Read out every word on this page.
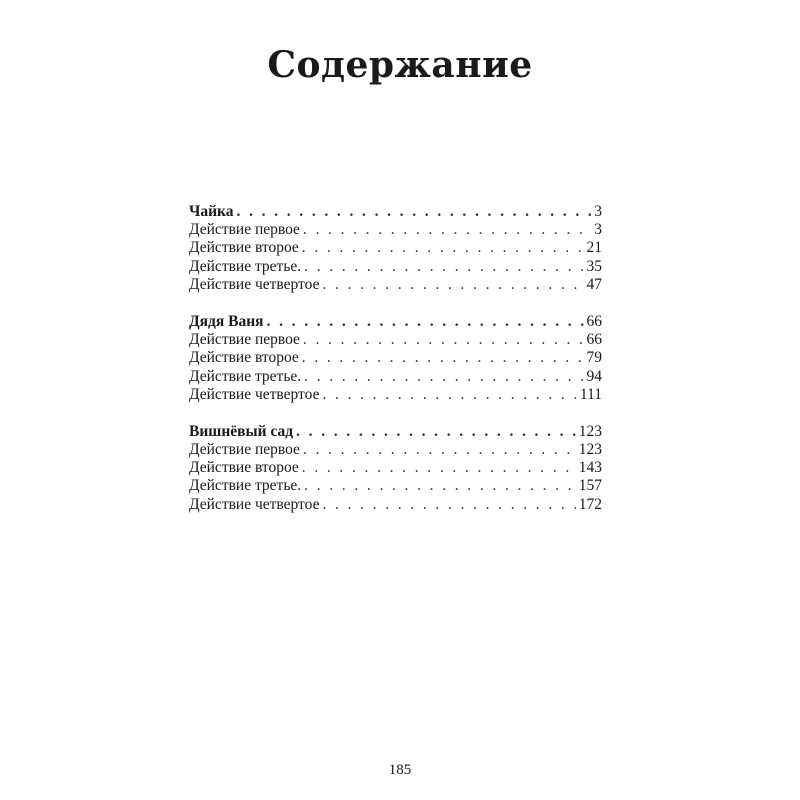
Содержание
Чайка . . .	3
Действие первое . . .	3
Действие второе . . .	21
Действие третье. . . .	35
Действие четвертое . . .	47
Дядя Ваня . . .	66
Действие первое . . .	66
Действие второе . . .	79
Действие третье. . . .	94
Действие четвертое . . .	111
Вишнёвый сад . . .	123
Действие первое . . .	123
Действие второе . . .	143
Действие третье. . . .	157
Действие четвертое . . .	172
185
